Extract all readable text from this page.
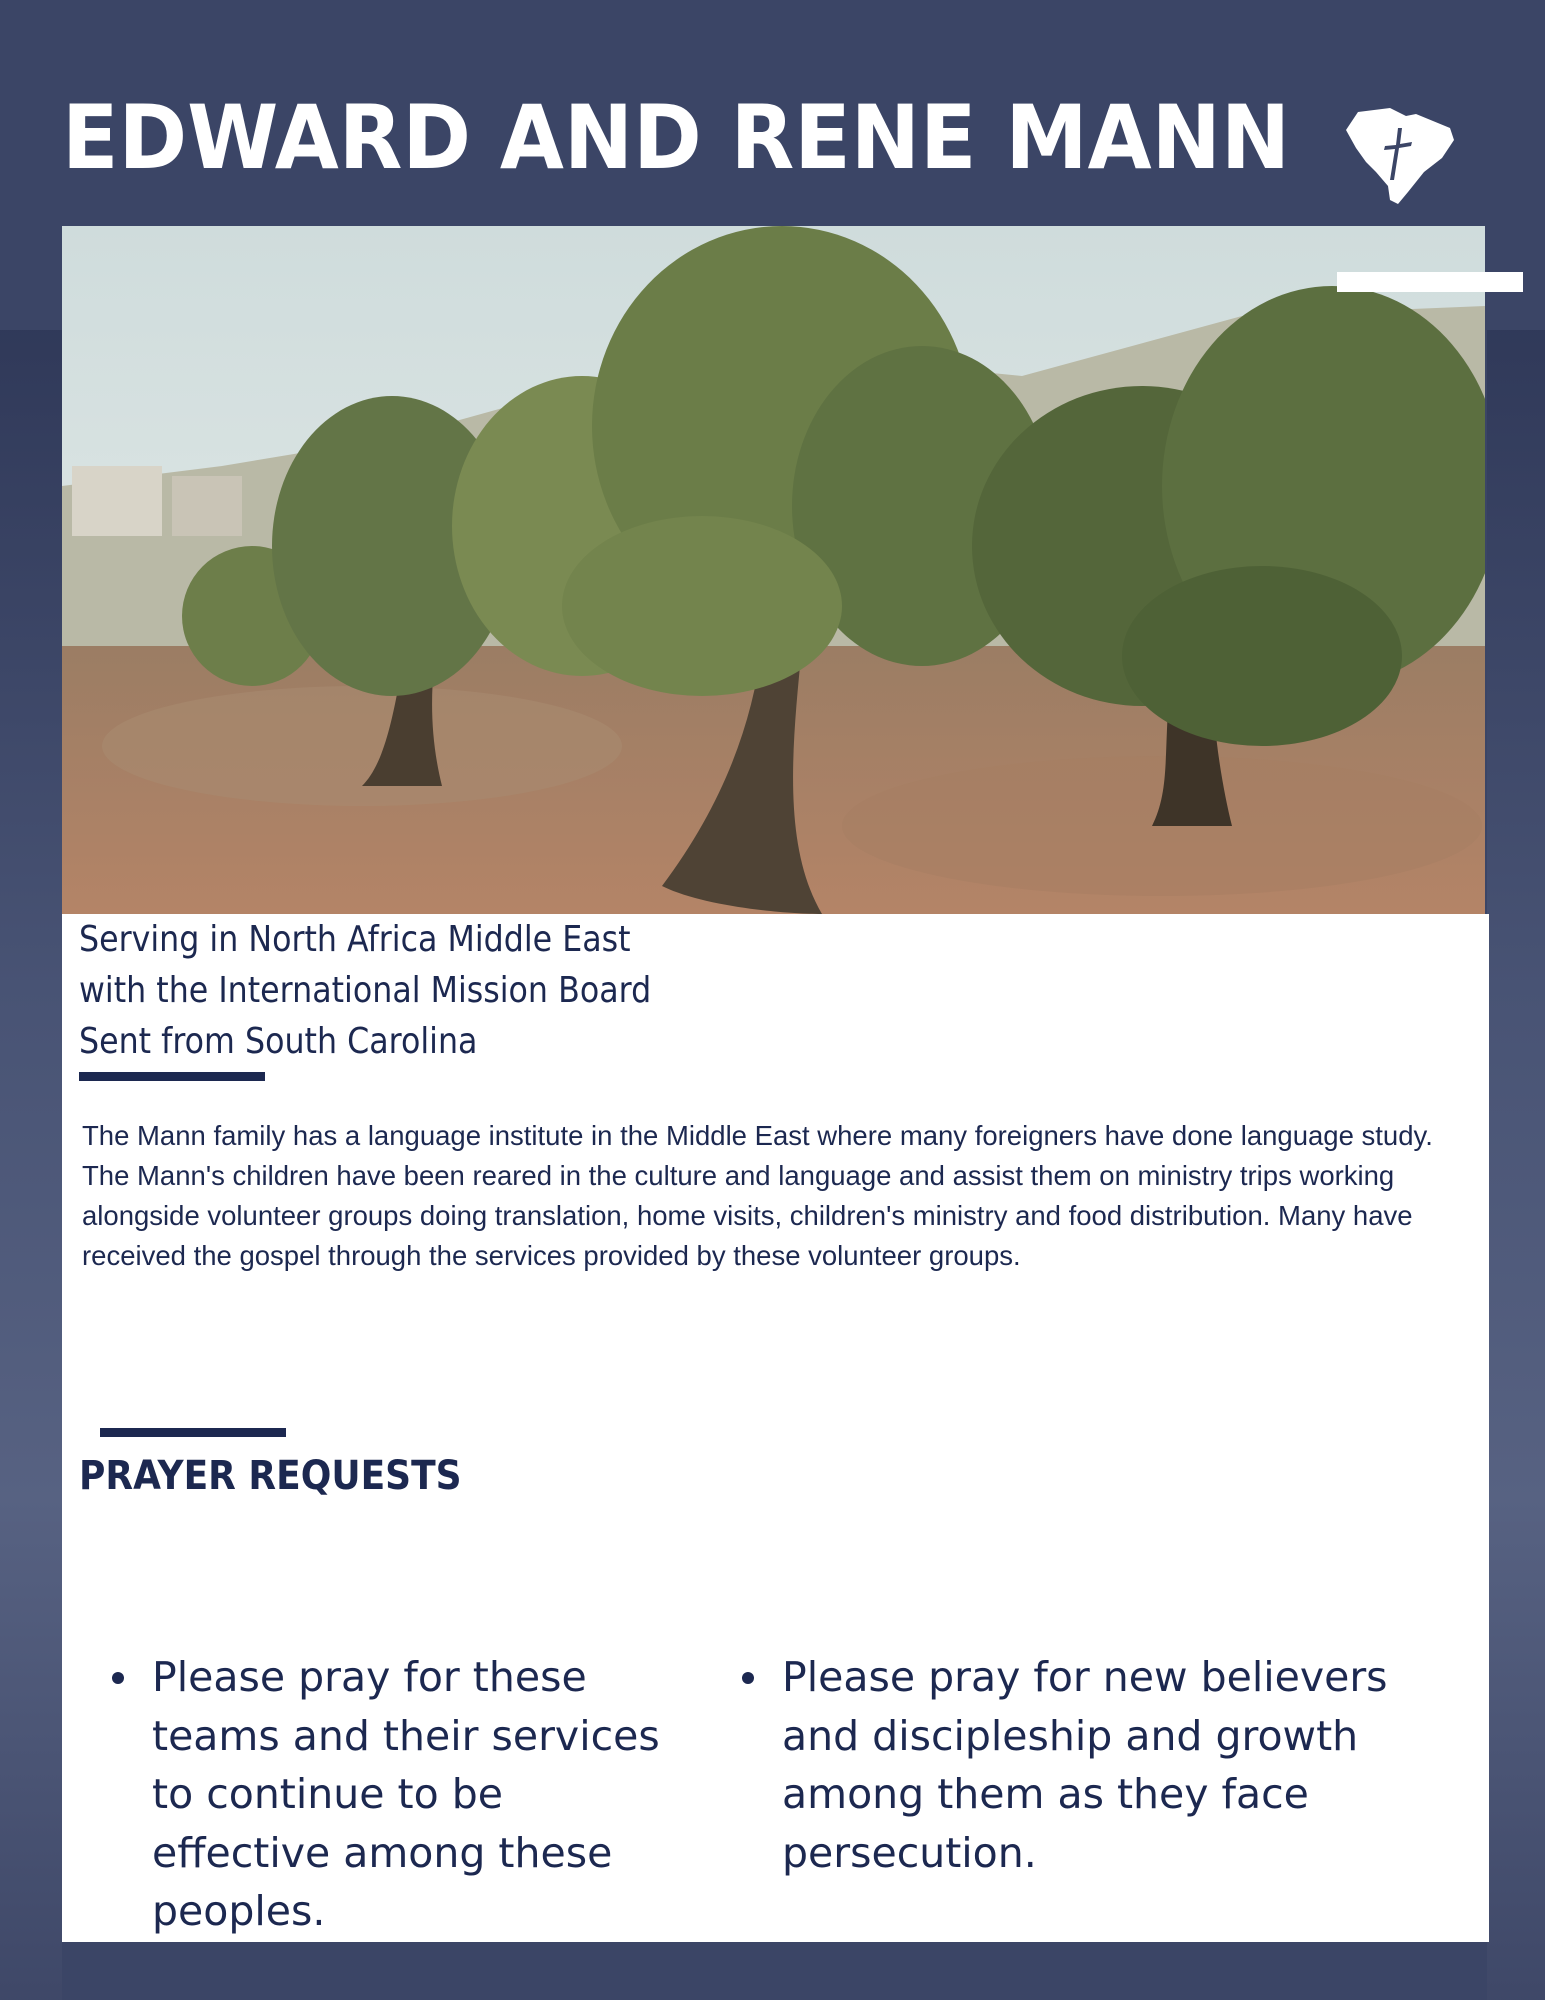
EDWARD AND RENE MANN
Serving in North Africa Middle East
with the International Mission Board
Sent from South Carolina

The Mann family has a language institute in the Middle East where many foreigners have done language study. The Mann's children have been reared in the culture and language and assist them on ministry trips working alongside volunteer groups doing translation, home visits, children's ministry and food distribution. Many have received the gospel through the services provided by these volunteer groups.

PRAYER REQUESTS
Please pray for these teams and their services to continue to be effective among these peoples.
Please pray for new believers and discipleship and growth among them as they face persecution.
